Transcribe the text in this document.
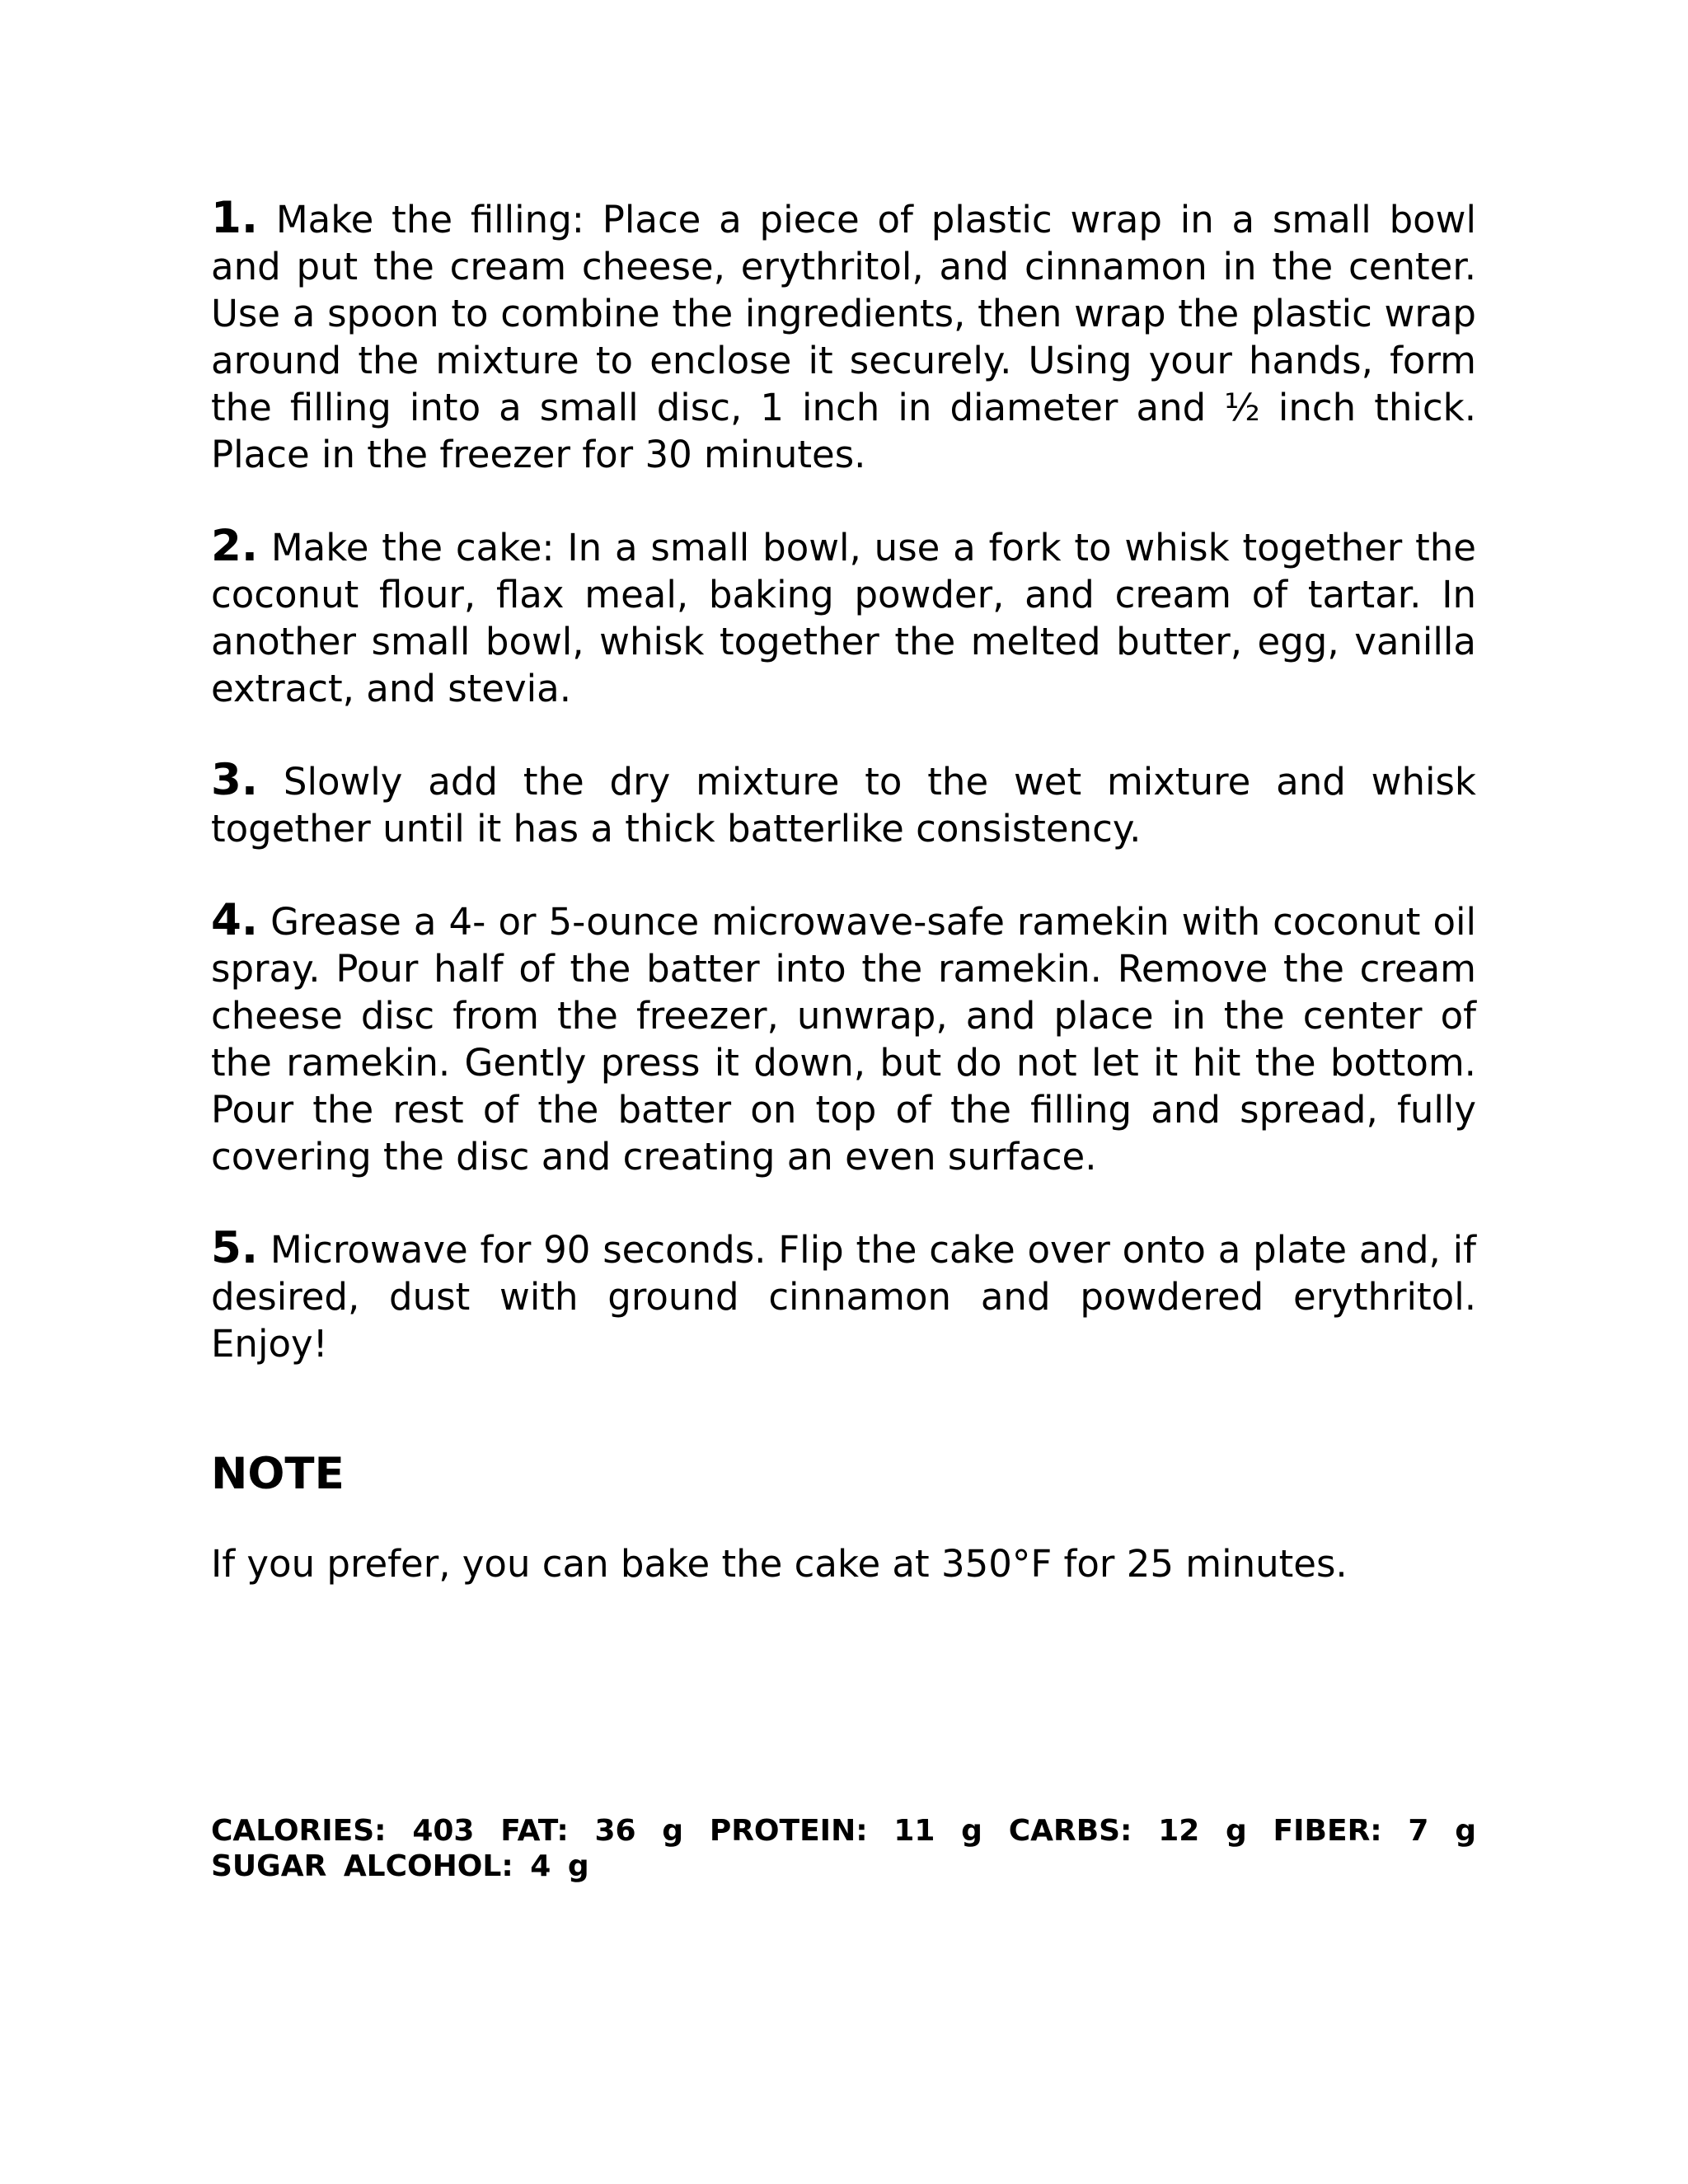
1. Make the filling: Place a piece of plastic wrap in a small bowl and put the cream cheese, erythritol, and cinnamon in the center. Use a spoon to combine the ingredients, then wrap the plastic wrap around the mixture to enclose it securely. Using your hands, form the filling into a small disc, 1 inch in diameter and ½ inch thick. Place in the freezer for 30 minutes.

2. Make the cake: In a small bowl, use a fork to whisk together the coconut flour, flax meal, baking powder, and cream of tartar. In another small bowl, whisk together the melted butter, egg, vanilla extract, and stevia.

3. Slowly add the dry mixture to the wet mixture and whisk together until it has a thick batterlike consistency.

4. Grease a 4- or 5-ounce microwave-safe ramekin with coconut oil spray. Pour half of the batter into the ramekin. Remove the cream cheese disc from the freezer, unwrap, and place in the center of the ramekin. Gently press it down, but do not let it hit the bottom. Pour the rest of the batter on top of the filling and spread, fully covering the disc and creating an even surface.

5. Microwave for 90 seconds. Flip the cake over onto a plate and, if desired, dust with ground cinnamon and powdered erythritol. Enjoy!

NOTE

If you prefer, you can bake the cake at 350°F for 25 minutes.

CALORIES: 403 FAT: 36 g PROTEIN: 11 g CARBS: 12 g FIBER: 7 g SUGAR ALCOHOL: 4 g
